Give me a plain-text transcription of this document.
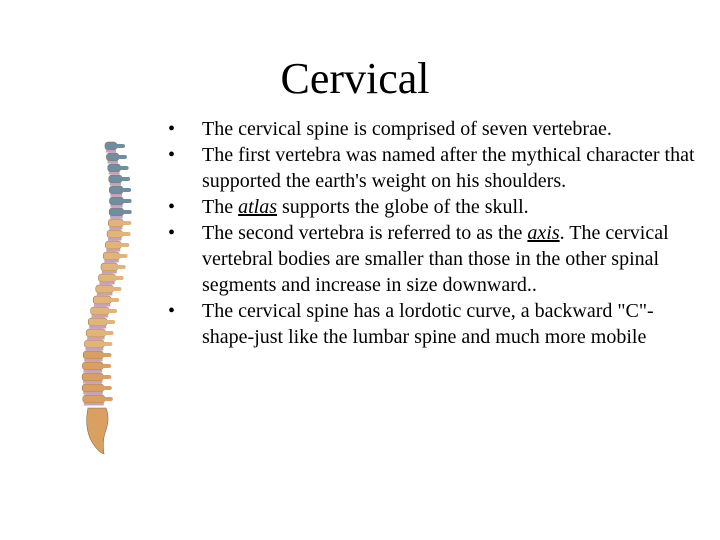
Cervical
• The cervical spine is comprised of seven vertebrae.
• The first vertebra was named after the mythical character that supported the earth's weight on his shoulders.
• The atlas supports the globe of the skull.
• The second vertebra is referred to as the axis. The cervical vertebral bodies are smaller than those in the other spinal segments and increase in size downward..
• The cervical spine has a lordotic curve, a backward "C"-shape-just like the lumbar spine and much more mobile
